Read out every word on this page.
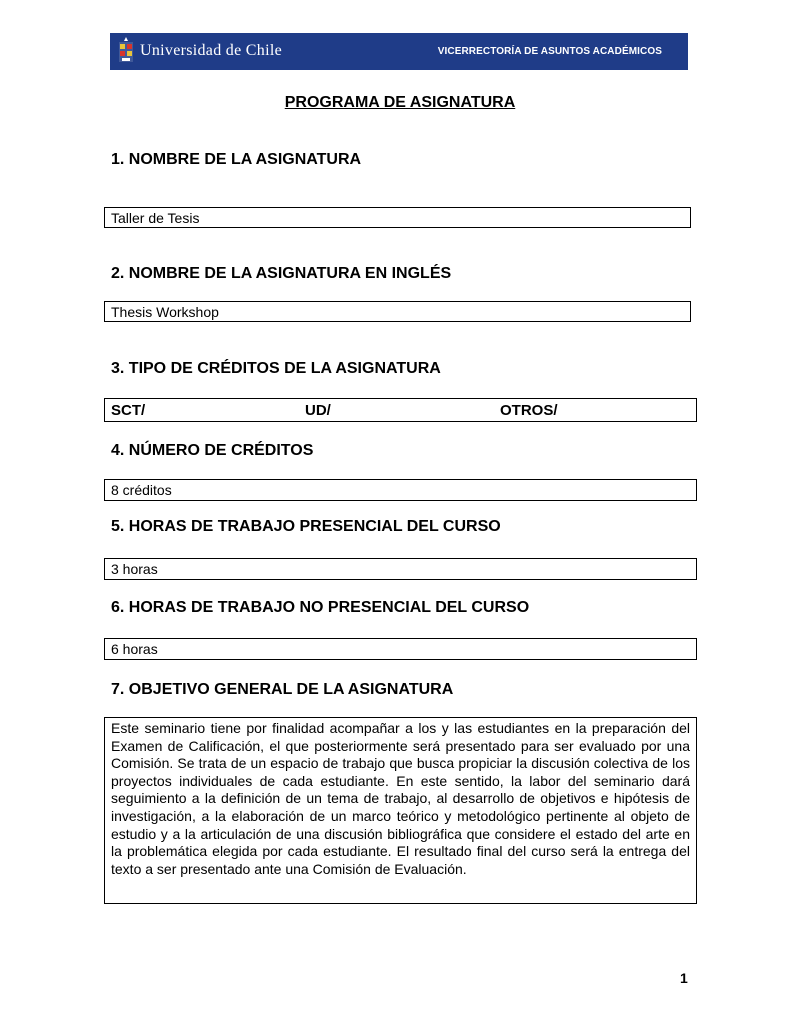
Universidad de Chile	VICERRECTORÍA DE ASUNTOS ACADÉMICOS
PROGRAMA DE ASIGNATURA
1. NOMBRE DE LA ASIGNATURA
Taller de Tesis
2. NOMBRE DE LA ASIGNATURA EN INGLÉS
Thesis Workshop
3. TIPO DE CRÉDITOS DE LA ASIGNATURA
SCT/	UD/	OTROS/
4. NÚMERO DE CRÉDITOS
8 créditos
5. HORAS DE TRABAJO PRESENCIAL DEL CURSO
3 horas
6. HORAS DE TRABAJO NO PRESENCIAL DEL CURSO
6 horas
7. OBJETIVO GENERAL DE LA ASIGNATURA
Este seminario tiene por finalidad acompañar a los y las estudiantes en la preparación del Examen de Calificación, el que posteriormente será presentado para ser evaluado por una Comisión. Se trata de un espacio de trabajo que busca propiciar la discusión colectiva de los proyectos individuales de cada estudiante. En este sentido, la labor del seminario dará seguimiento a la definición de un tema de trabajo, al desarrollo de objetivos e hipótesis de investigación, a la elaboración de un marco teórico y metodológico pertinente al objeto de estudio y a la articulación de una discusión bibliográfica que considere el estado del arte en la problemática elegida por cada estudiante. El resultado final del curso será la entrega del texto a ser presentado ante una Comisión de Evaluación.
1
